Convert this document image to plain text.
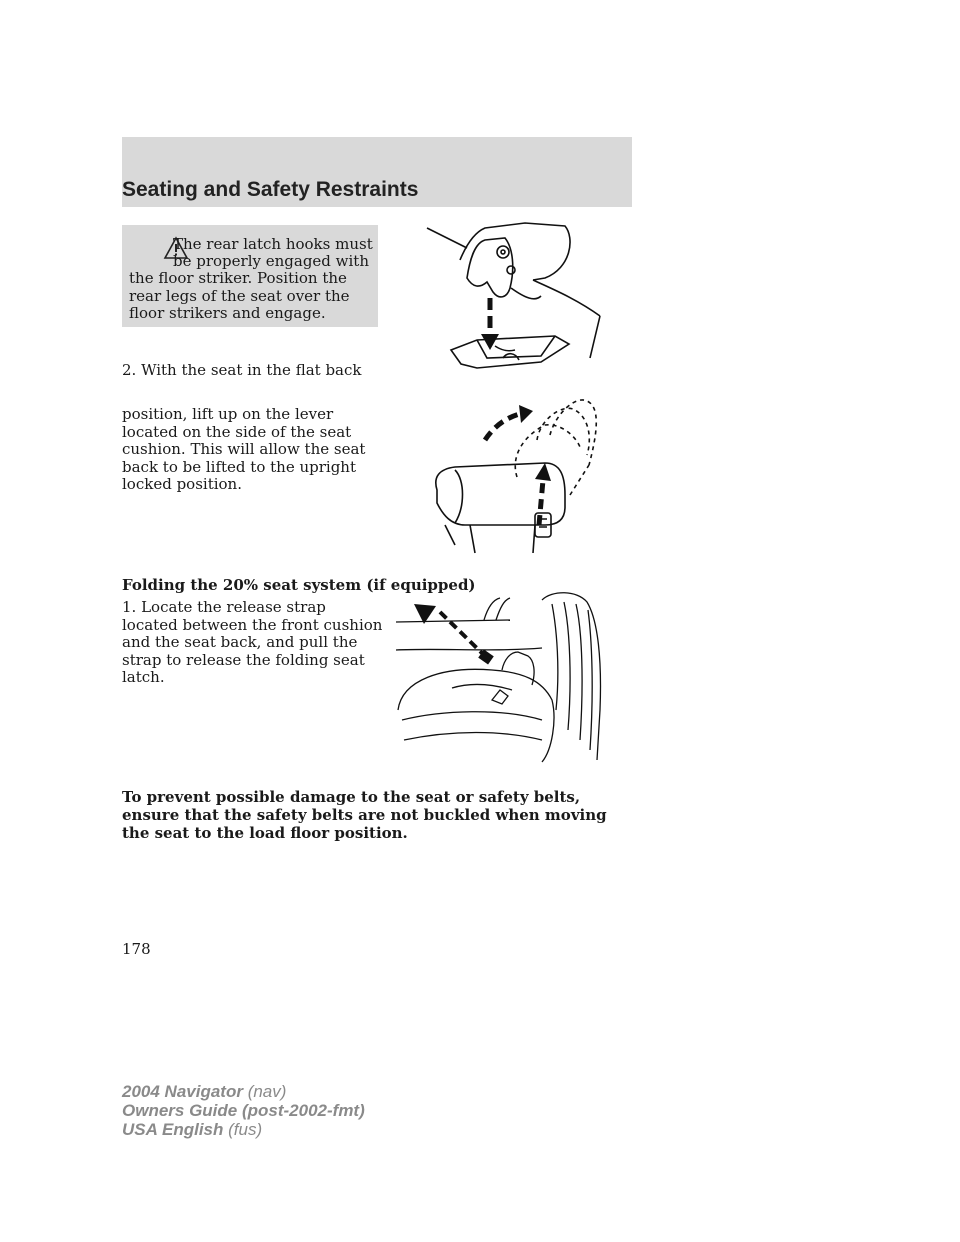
Seating and Safety Restraints

The rear latch hooks must

be properly engaged with

the floor striker. Position the rear legs of the seat over the floor strikers and engage.

2. With the seat in the flat back

position, lift up on the lever located on the side of the seat cushion. This will allow the seat back to be lifted to the upright locked position.

Folding the 20% seat system (if equipped)

1. Locate the release strap located between the front cushion and the seat back, and pull the strap to release the folding seat latch.

To prevent possible damage to the seat or safety belts, ensure that the safety belts are not buckled when moving the seat to the load floor position.

178

2004 Navigator (nav)
Owners Guide (post-2002-fmt)
USA English (fus)
